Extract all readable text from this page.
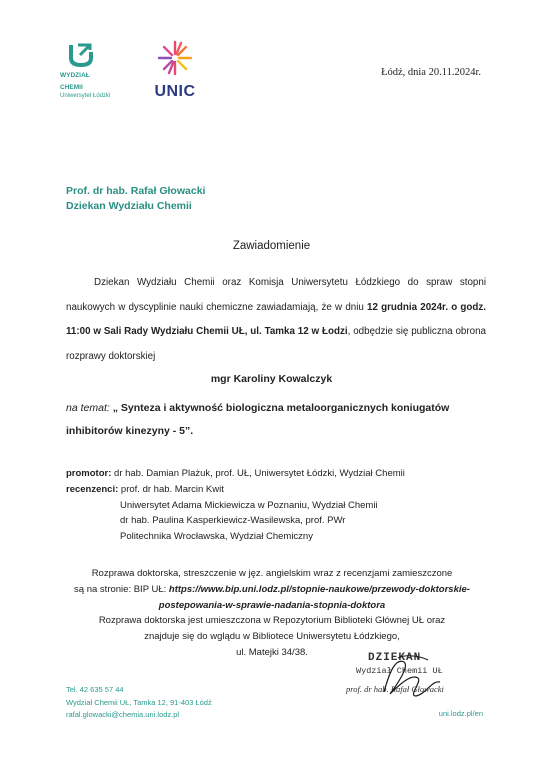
WYDZIAŁ
CHEMII
Uniwersytet Łódzki	UNIC
Łódź, dnia 20.11.2024r.
Prof. dr hab. Rafał Głowacki
Dziekan Wydziału Chemii
Zawiadomienie
Dziekan Wydziału Chemii oraz Komisja Uniwersytetu Łódzkiego do spraw stopni naukowych w dyscyplinie nauki chemiczne zawiadamiają, że w dniu 12 grudnia 2024r. o godz. 11:00 w Sali Rady Wydziału Chemii UŁ, ul. Tamka 12 w Łodzi, odbędzie się publiczna obrona rozprawy doktorskiej
mgr Karoliny Kowalczyk
na temat: „ Synteza i aktywność biologiczna metaloorganicznych koniugatów inhibitorów kinezyny - 5”.
promotor: dr hab. Damian Plażuk, prof. UŁ, Uniwersytet Łódzki, Wydział Chemii
recenzenci: prof. dr hab. Marcin Kwit
Uniwersytet Adama Mickiewicza w Poznaniu, Wydział Chemii
dr hab. Paulina Kasperkiewicz-Wasilewska, prof. PWr
Politechnika Wrocławska, Wydział Chemiczny
Rozprawa doktorska, streszczenie w jęz. angielskim wraz z recenzjami zamieszczone
są na stronie: BIP UŁ: https://www.bip.uni.lodz.pl/stopnie-naukowe/przewody-doktorskie-postepowania-w-sprawie-nadania-stopnia-doktora
Rozprawa doktorska jest umieszczona w Repozytorium Biblioteki Głównej UŁ oraz
znajduje się do wglądu w Bibliotece Uniwersytetu Łódzkiego,
ul. Matejki 34/38.	DZIEKAN
Wydział Chemii UŁ
prof. dr hab. Rafał Głowacki
Tel. 42 635 57 44
Wydział Chemii UŁ, Tamka 12, 91-403 Łódź
rafal.glowacki@chemia.uni.lodz.pl	uni.lodz.pl/en
